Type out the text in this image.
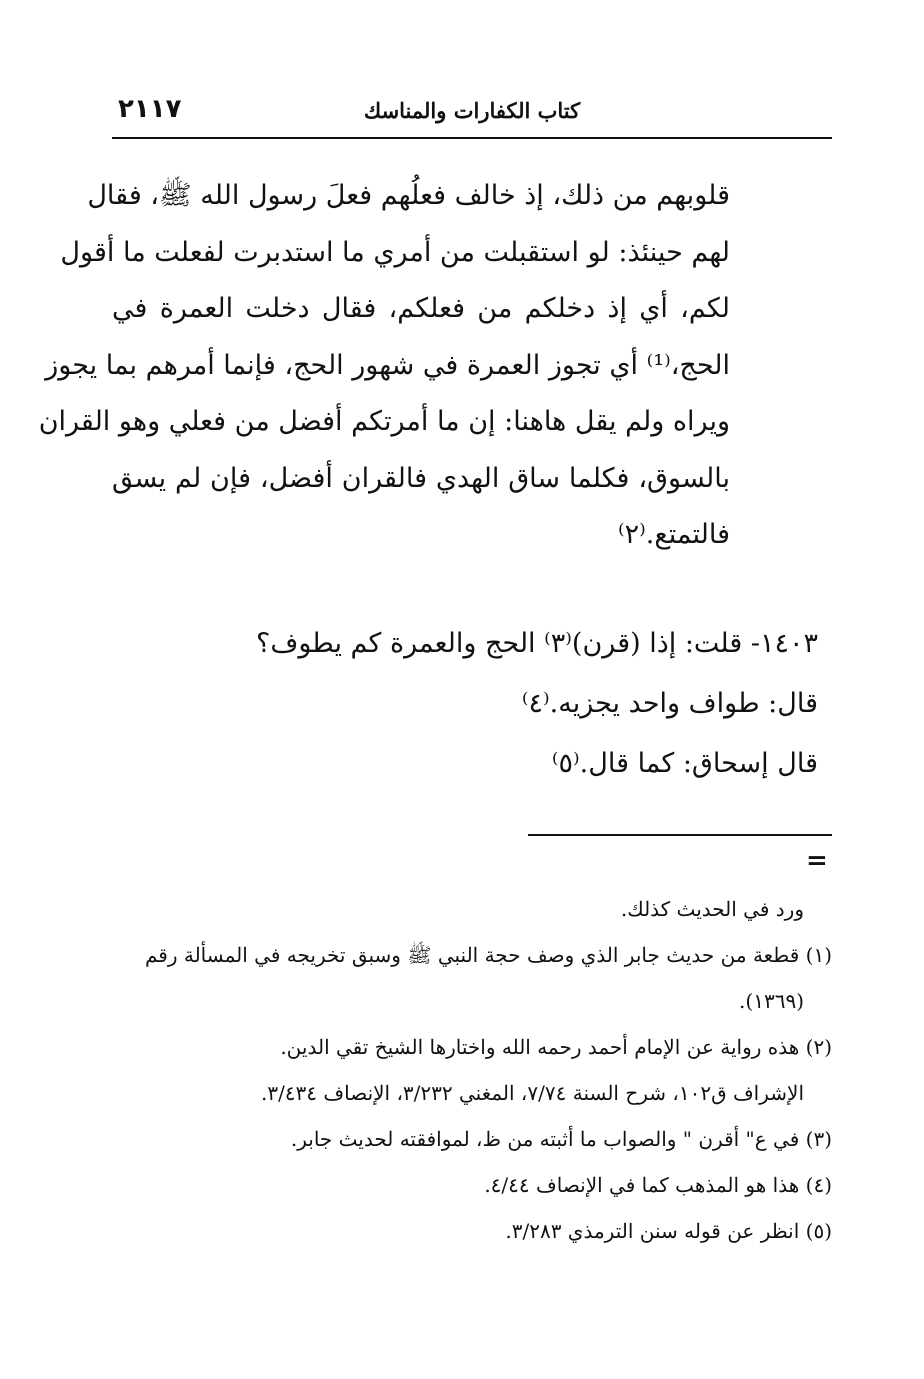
٢١١٧	كتاب الكفارات والمناسك
قلوبهم من ذلك، إذ خالف فعلُهم فعلَ رسول الله ﷺ، فقال
لهم حينئذ: لو استقبلت من أمري ما استدبرت لفعلت ما أقول
لكم، أي إذ دخلكم من فعلكم، فقال دخلت العمرة في
الحج،⁽¹⁾ أي تجوز العمرة في شهور الحج، فإنما أمرهم بما يجوز
ويراه ولم يقل هاهنا: إن ما أمرتكم أفضل من فعلي وهو القران
بالسوق، فكلما ساق الهدي فالقران أفضل، فإن لم يسق
فالتمتع.⁽٢⁾
١٤٠٣- قلت: إذا (قرن)⁽٣⁾ الحج والعمرة كم يطوف؟
قال: طواف واحد يجزيه.⁽٤⁾
قال إسحاق: كما قال.⁽٥⁾
=
ورد في الحديث كذلك.
(١) قطعة من حديث جابر الذي وصف حجة النبي ﷺ وسبق تخريجه في المسألة رقم
(١٣٦٩).
(٢) هذه رواية عن الإمام أحمد رحمه الله واختارها الشيخ تقي الدين.
الإشراف ق١٠٢، شرح السنة ٧/٧٤، المغني ٣/٢٣٢، الإنصاف ٣/٤٣٤.
(٣) في ع" أقرن " والصواب ما أثبته من ظ، لموافقته لحديث جابر.
(٤) هذا هو المذهب كما في الإنصاف ٤/٤٤.
(٥) انظر عن قوله سنن الترمذي ٣/٢٨٣.
